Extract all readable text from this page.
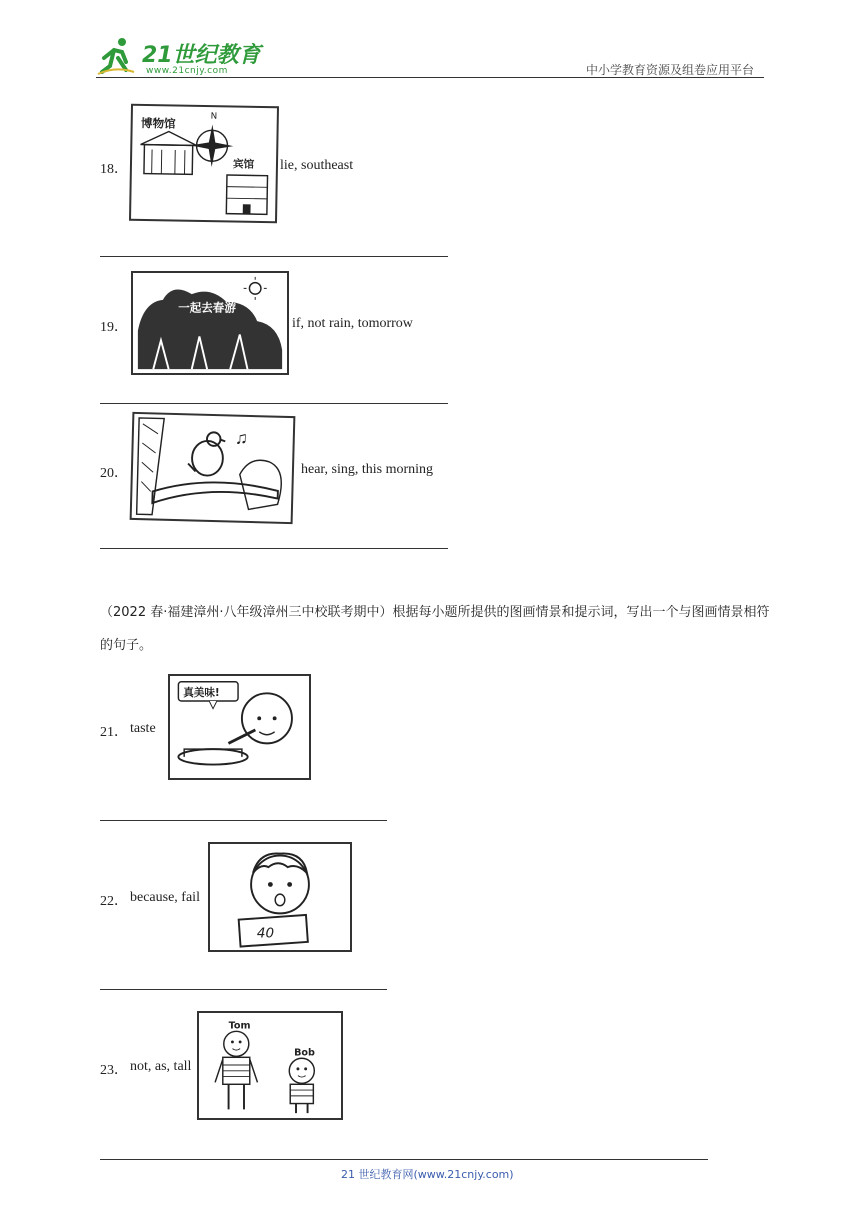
21世纪教育
www.21cnjy.com	中小学教育资源及组卷应用平台
18．
博物馆	N
宾馆 lie, southeast
19．
一起去春游
if, not rain, tomorrow
20．
♫
hear, sing, this morning
（2022 春·福建漳州·八年级漳州三中校联考期中）根据每小题所提供的图画情景和提示词，写出一个与图画情景相符的句子。
21． taste
真美味!
22． because, fail
40
23． not, as, tall
Tom
Bob
21 世纪教育网(www.21cnjy.com)
